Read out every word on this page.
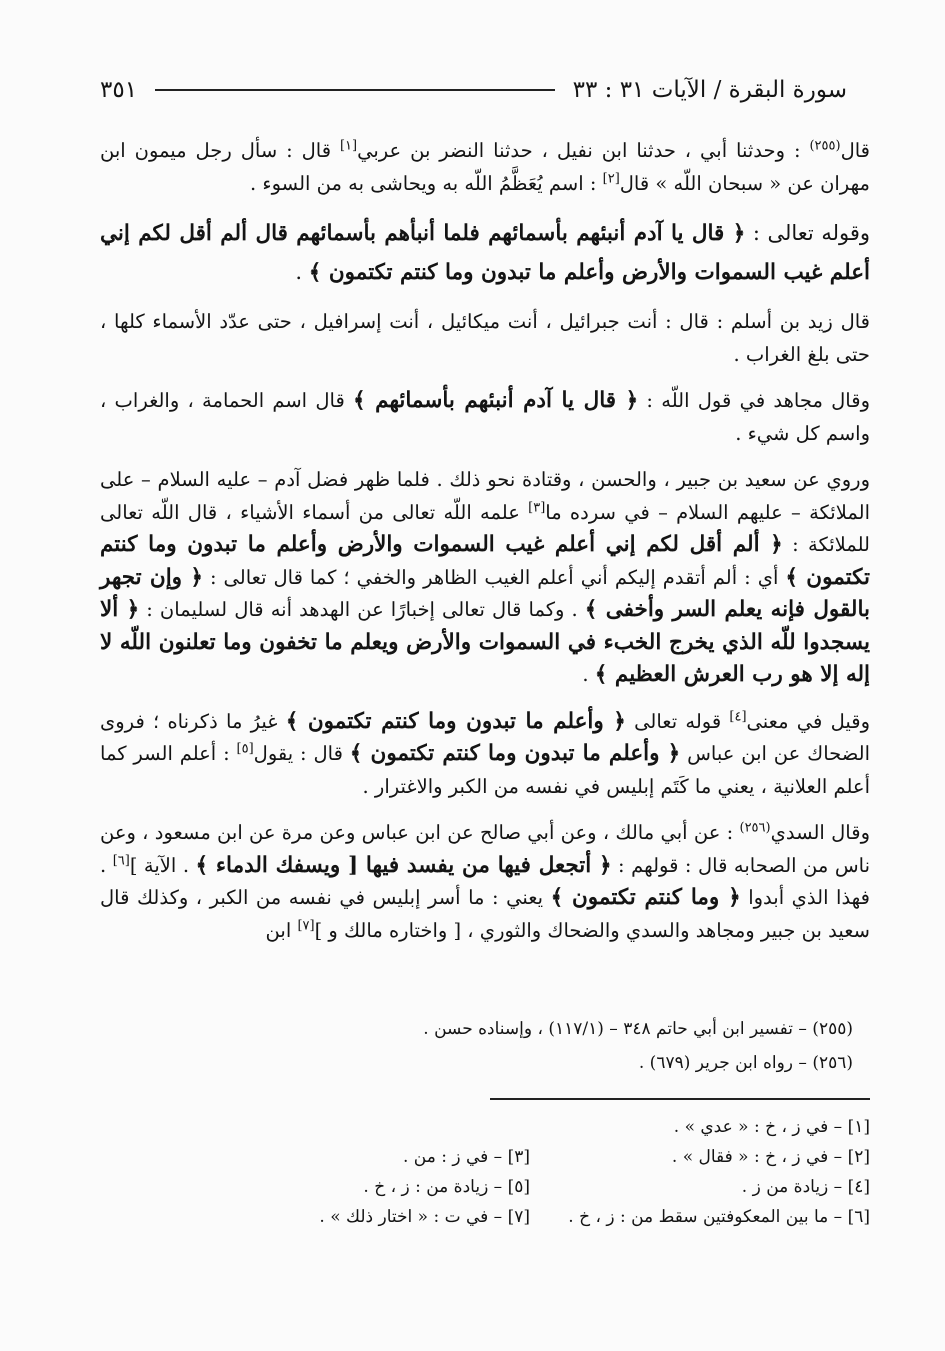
سورة البقرة / الآيات ٣١ : ٣٣
٣٥١

قال$^{(٢٥٥)}$ : وحدثنا أبي ، حدثنا ابن نفيل ، حدثنا النضر بن عربي[١] قال : سأل رجل ميمون ابن مهران عن « سبحان اللّه » قال[٢] : اسم يُعَظَّمُ اللّه به ويحاشى به من السوء .

وقوله تعالى : ﴿ قال يا آدم أنبئهم بأسمائهم فلما أنبأهم بأسمائهم قال ألم أقل لكم إني أعلم غيب السموات والأرض وأعلم ما تبدون وما كنتم تكتمون ﴾ .

قال زيد بن أسلم : قال : أنت جبرائيل ، أنت ميكائيل ، أنت إسرافيل ، حتى عدّد الأسماء كلها ، حتى بلغ الغراب .

وقال مجاهد في قول اللّه : ﴿ قال يا آدم أنبئهم بأسمائهم ﴾ قال اسم الحمامة ، والغراب ، واسم كل شيء .

وروي عن سعيد بن جبير ، والحسن ، وقتادة نحو ذلك . فلما ظهر فضل آدم – عليه السلام – على الملائكة – عليهم السلام – في سرده ما[٣] علمه اللّه تعالى من أسماء الأشياء ، قال اللّه تعالى للملائكة : ﴿ ألم أقل لكم إني أعلم غيب السموات والأرض وأعلم ما تبدون وما كنتم تكتمون ﴾ أي : ألم أتقدم إليكم أني أعلم الغيب الظاهر والخفي ؛ كما قال تعالى : ﴿ وإن تجهر بالقول فإنه يعلم السر وأخفى ﴾ . وكما قال تعالى إخبارًا عن الهدهد أنه قال لسليمان : ﴿ ألا يسجدوا للّه الذي يخرج الخبء في السموات والأرض ويعلم ما تخفون وما تعلنون اللّه لا إله إلا هو رب العرش العظيم ﴾ .

وقيل في معنى[٤] قوله تعالى ﴿ وأعلم ما تبدون وما كنتم تكتمون ﴾ غيرُ ما ذكرناه ؛ فروى الضحاك عن ابن عباس ﴿ وأعلم ما تبدون وما كنتم تكتمون ﴾ قال : يقول[٥] : أعلم السر كما أعلم العلانية ، يعني ما كَتَم إبليس في نفسه من الكبر والاغترار .

وقال السدي$^{(٢٥٦)}$ : عن أبي مالك ، وعن أبي صالح عن ابن عباس وعن مرة عن ابن مسعود ، وعن ناس من الصحابه قال : قولهم : ﴿ أتجعل فيها من يفسد فيها [ ويسفك الدماء ﴾ . الآية ][٦] . فهذا الذي أبدوا ﴿ وما كنتم تكتمون ﴾ يعني : ما أسر إبليس في نفسه من الكبر ، وكذلك قال سعيد بن جبير ومجاهد والسدي والضحاك والثوري ، [ واختاره مالك و ][٧] ابن

(٢٥٥) – تفسير ابن أبي حاتم ٣٤٨ – (١١٧/١) ، وإسناده حسن .

(٢٥٦) – رواه ابن جرير (٦٧٩) .

[١] – في ز ، خ : « عدي » .
[٢] – في ز ، خ : « فقال » .
[٣] – في ز : من .
[٤] – زيادة من ز .
[٥] – زيادة من : ز ، خ .
[٦] – ما بين المعكوفتين سقط من : ز ، خ .
[٧] – في ت : « اختار ذلك » .
